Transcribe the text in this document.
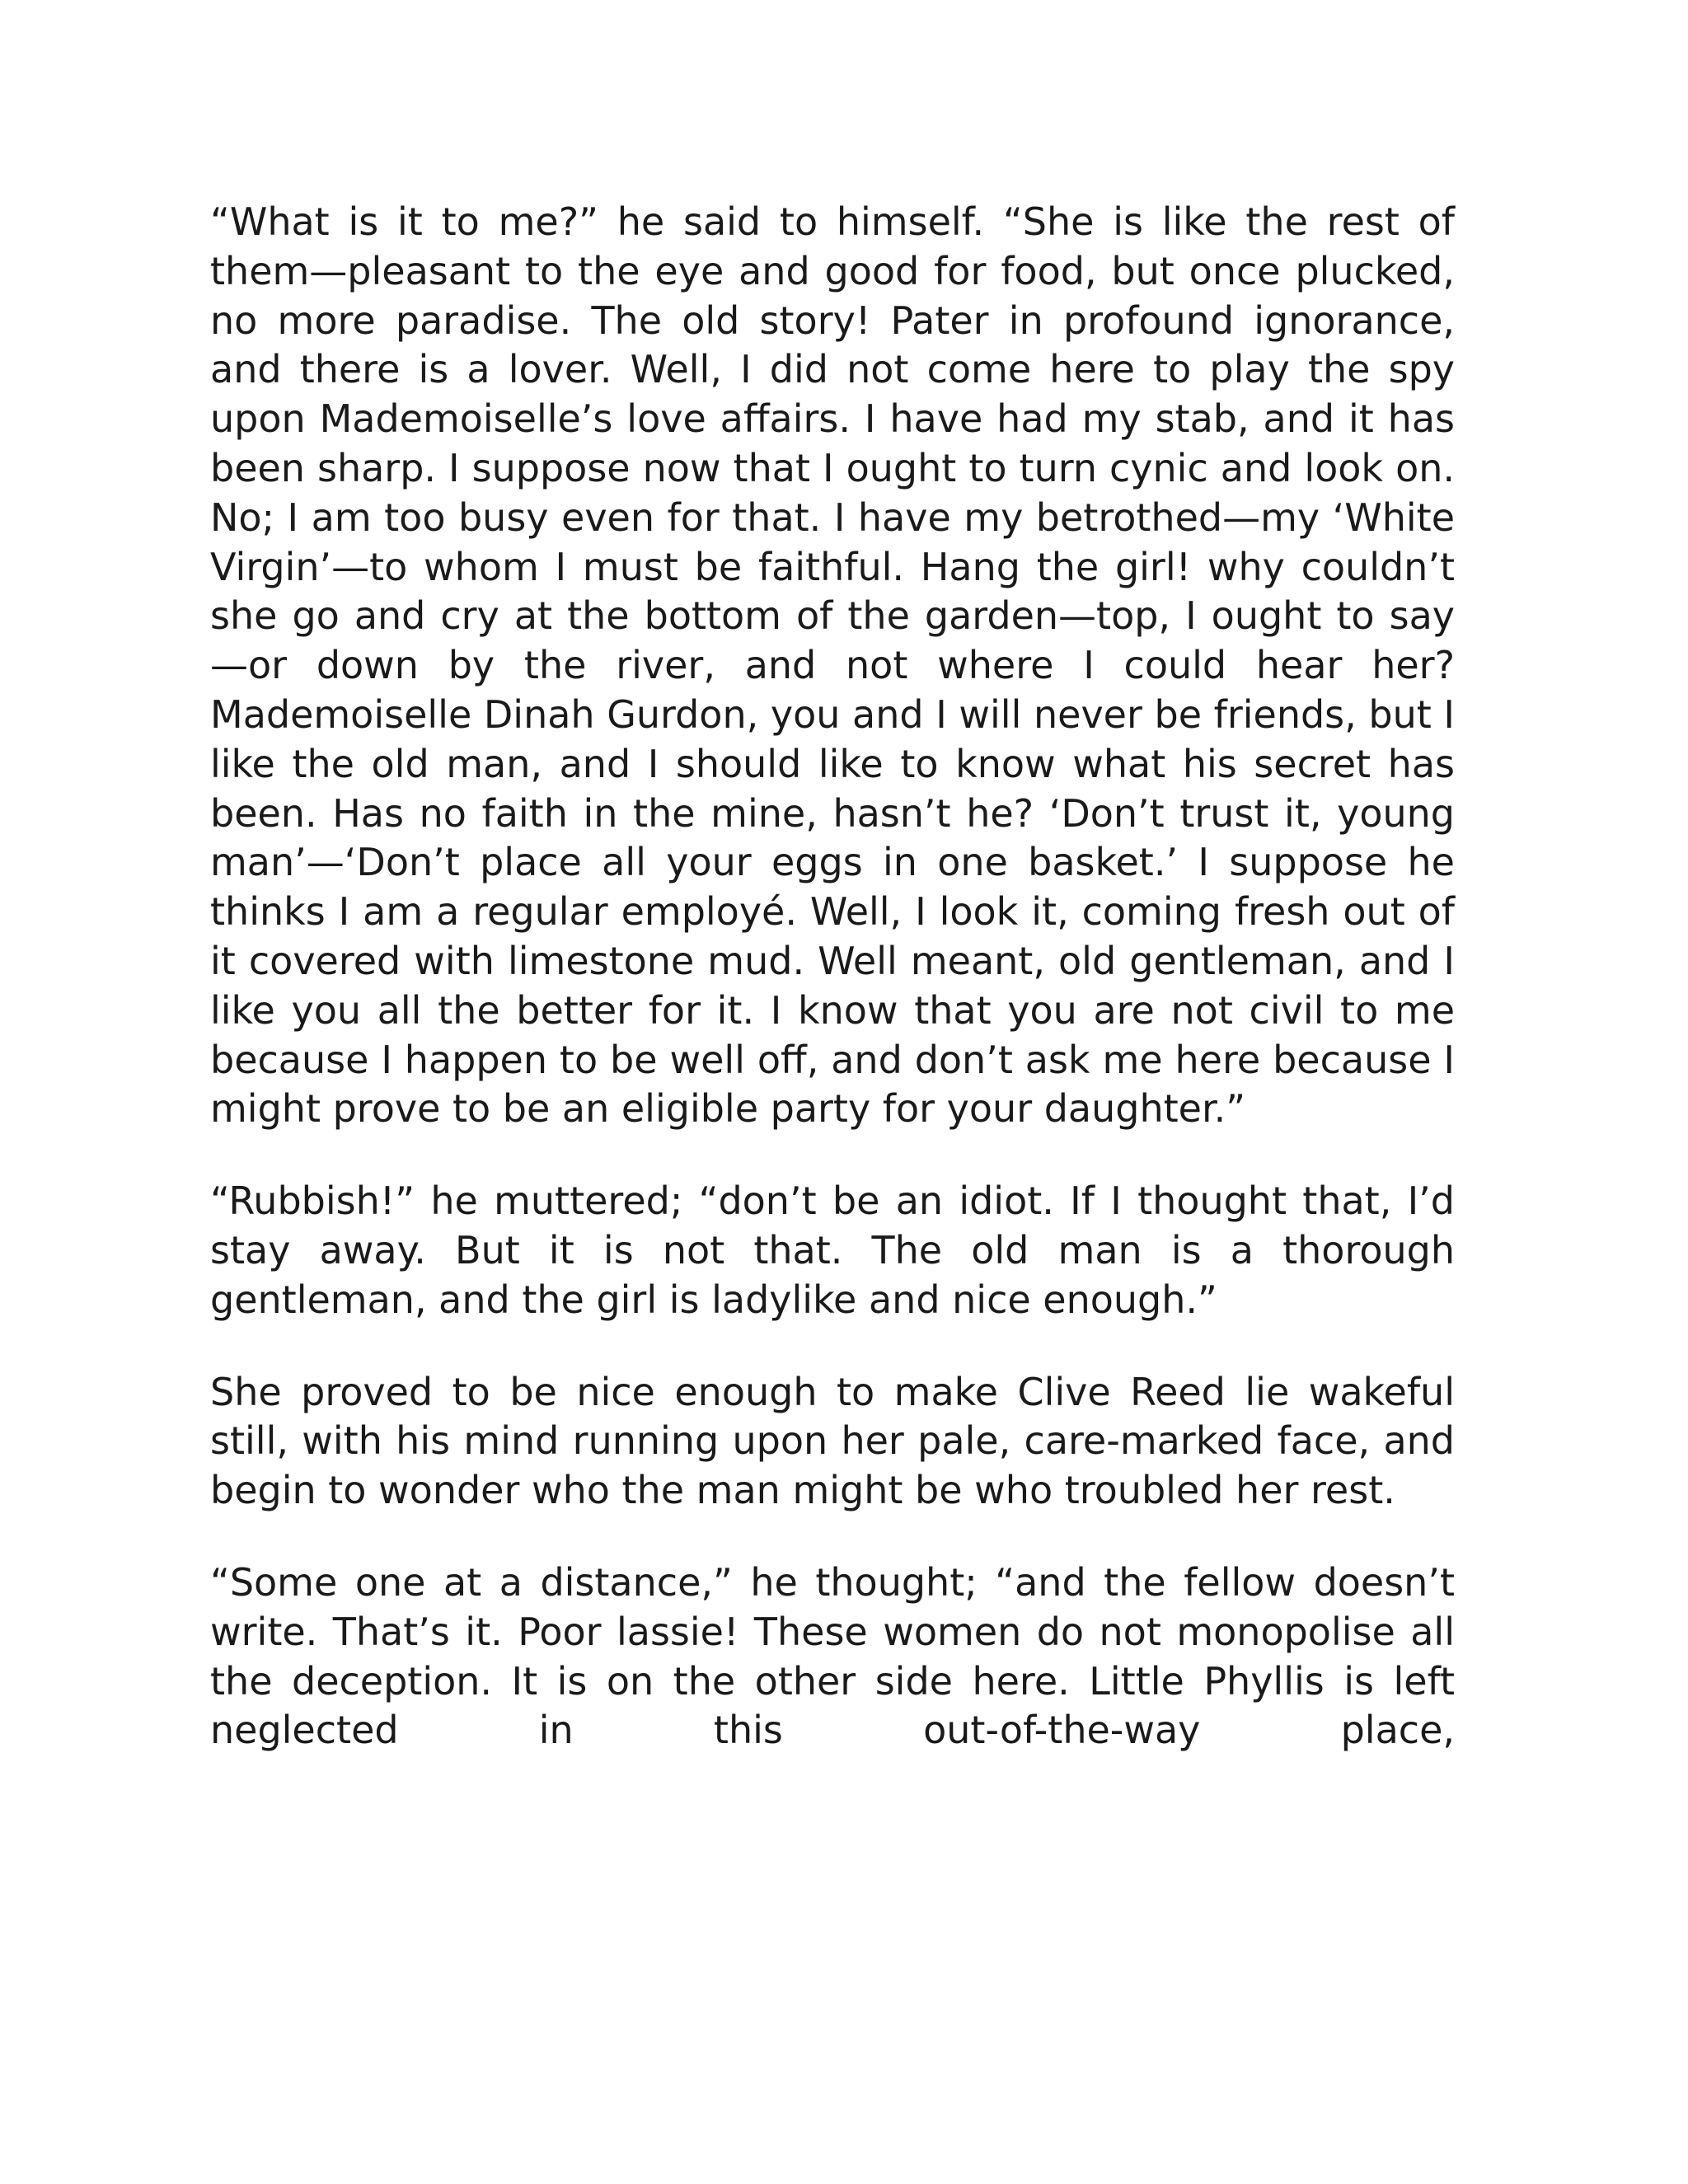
“What is it to me?” he said to himself. “She is like the rest of them—pleasant to the eye and good for food, but once plucked, no more paradise. The old story! Pater in profound ignorance, and there is a lover. Well, I did not come here to play the spy upon Mademoiselle’s love affairs. I have had my stab, and it has been sharp. I suppose now that I ought to turn cynic and look on. No; I am too busy even for that. I have my betrothed—my ‘White Virgin’—to whom I must be faithful. Hang the girl! why couldn’t she go and cry at the bottom of the garden—top, I ought to say—or down by the river, and not where I could hear her? Mademoiselle Dinah Gurdon, you and I will never be friends, but I like the old man, and I should like to know what his secret has been. Has no faith in the mine, hasn’t he? ‘Don’t trust it, young man’—‘Don’t place all your eggs in one basket.’ I suppose he thinks I am a regular employé. Well, I look it, coming fresh out of it covered with limestone mud. Well meant, old gentleman, and I like you all the better for it. I know that you are not civil to me because I happen to be well off, and don’t ask me here because I might prove to be an eligible party for your daughter.”

“Rubbish!” he muttered; “don’t be an idiot. If I thought that, I’d stay away. But it is not that. The old man is a thorough gentleman, and the girl is ladylike and nice enough.”

She proved to be nice enough to make Clive Reed lie wakeful still, with his mind running upon her pale, care-marked face, and begin to wonder who the man might be who troubled her rest.

“Some one at a distance,” he thought; “and the fellow doesn’t write. That’s it. Poor lassie! These women do not monopolise all the deception. It is on the other side here. Little Phyllis is left neglected in this out-of-the-way place,
